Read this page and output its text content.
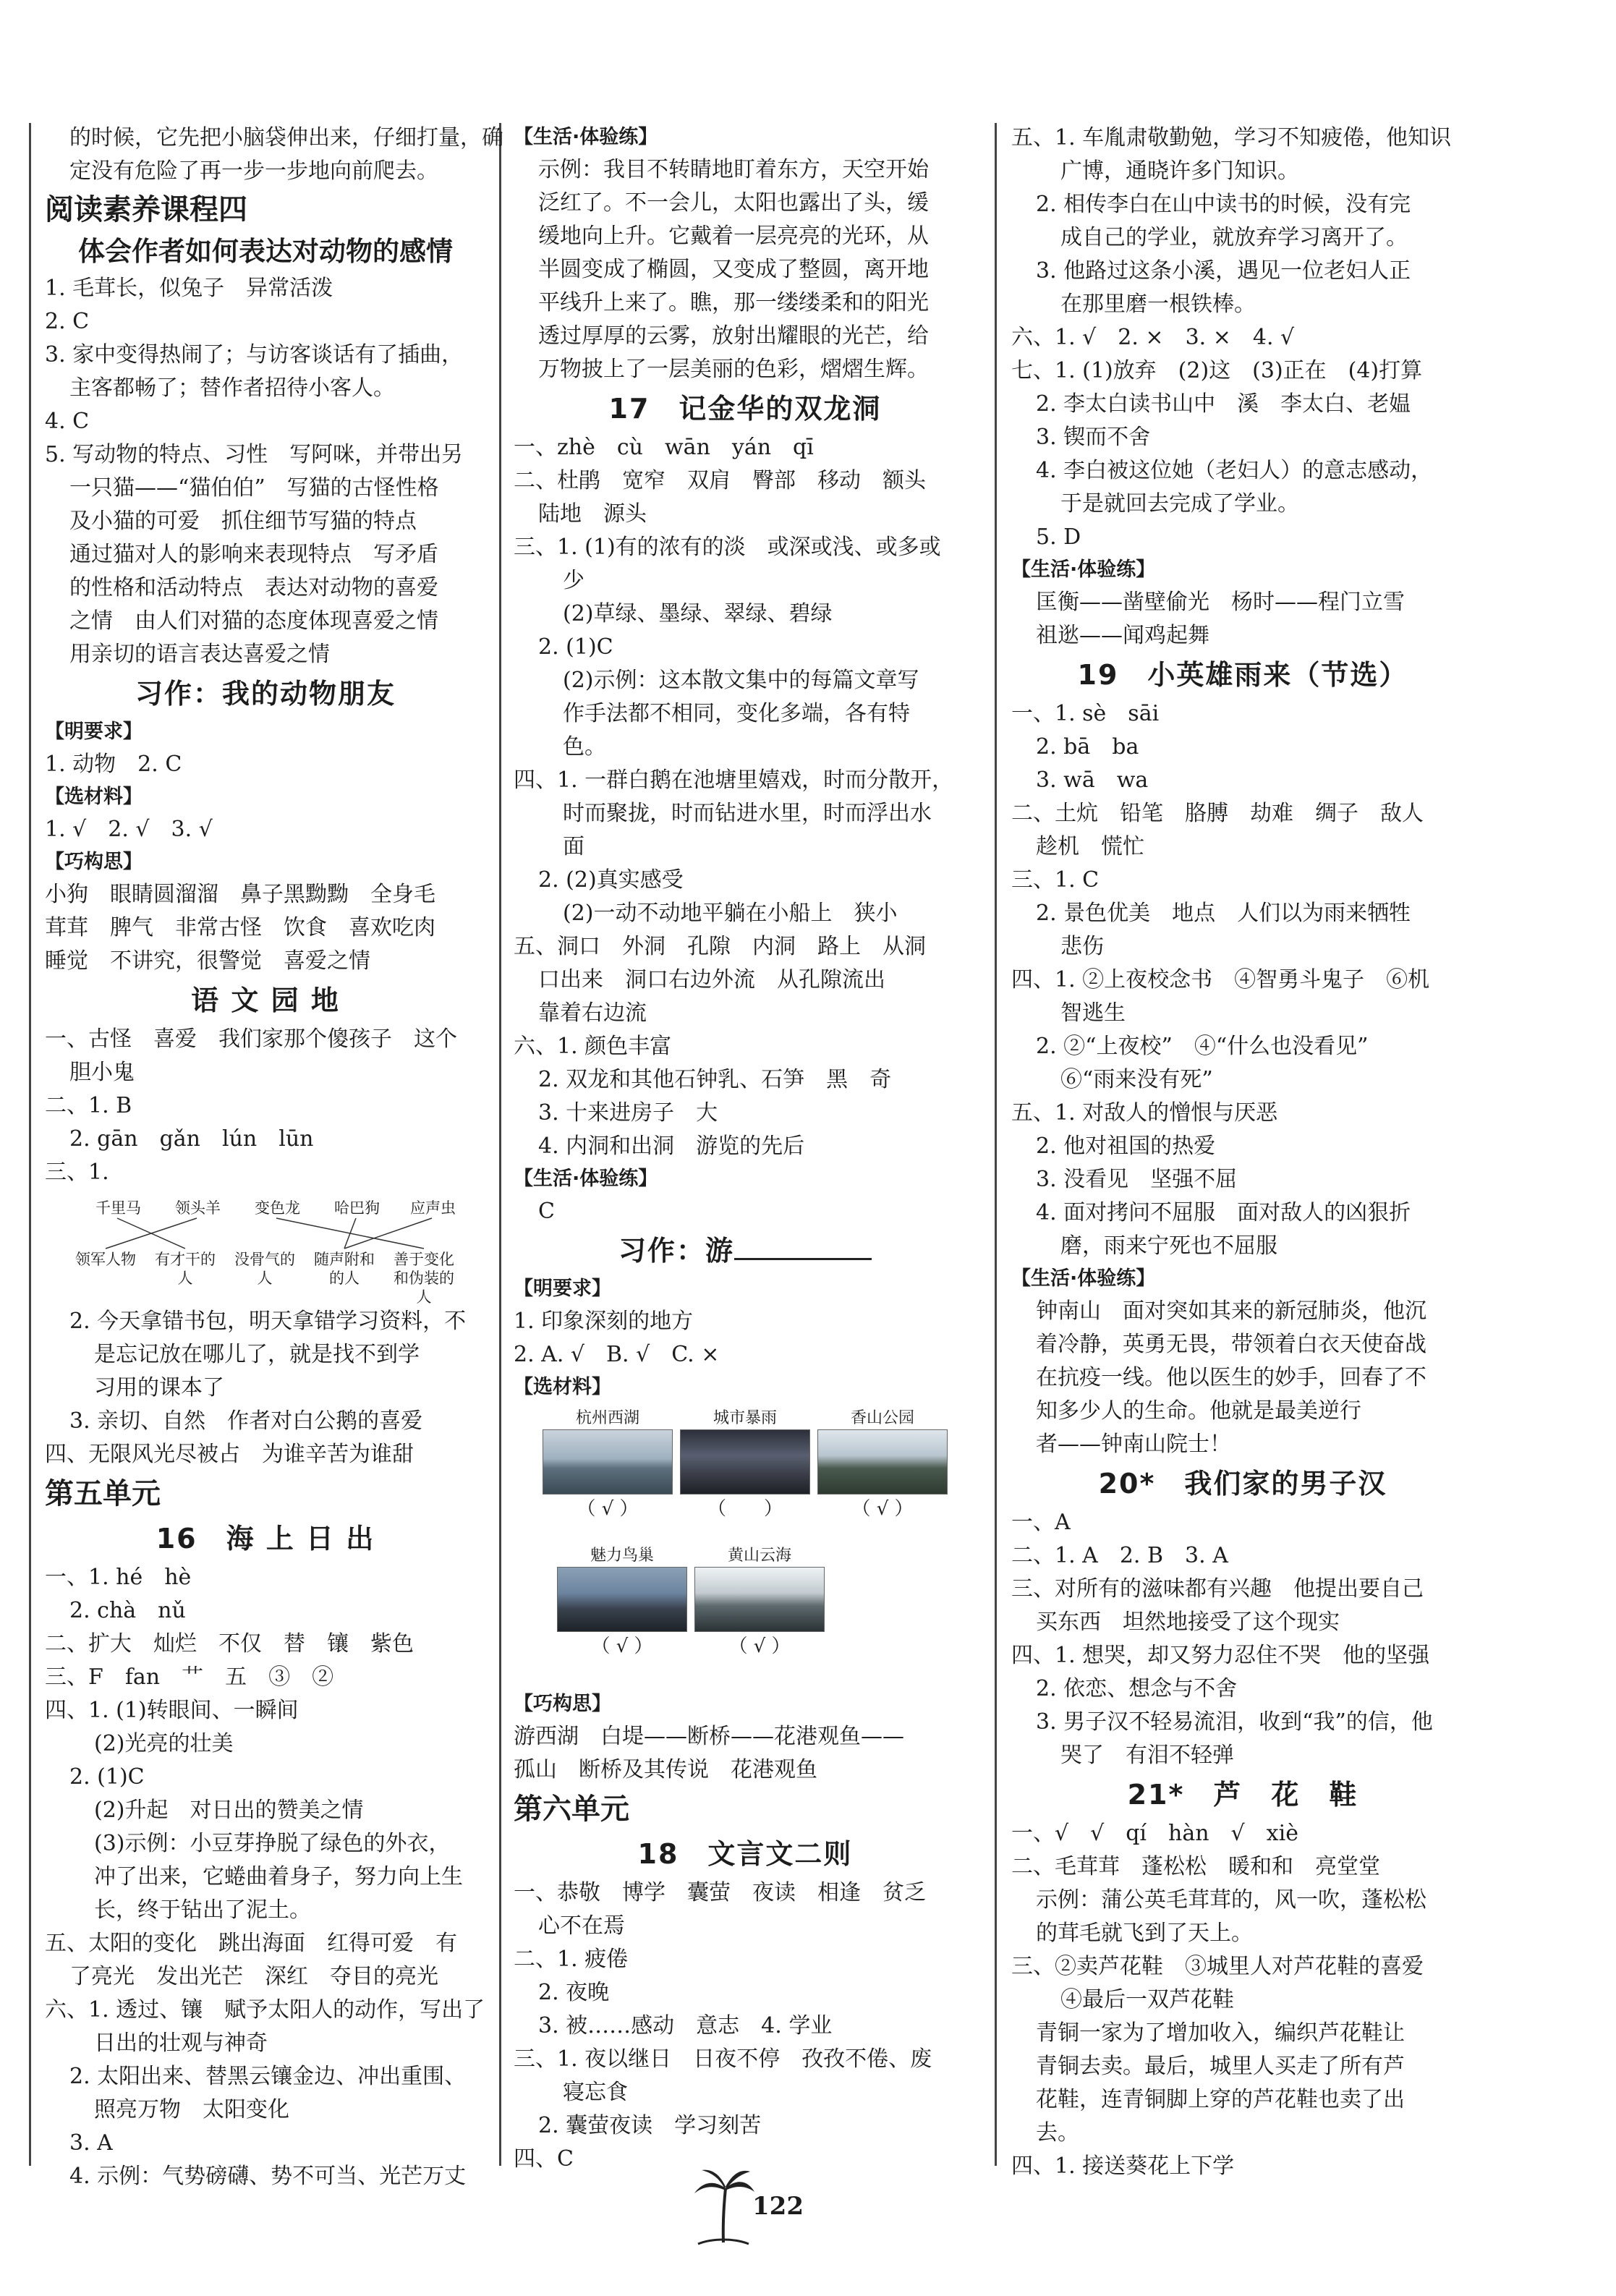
的时候，它先把小脑袋伸出来，仔细打量，确
定没有危险了再一步一步地向前爬去。
阅读素养课程四
体会作者如何表达对动物的感情
1. 毛茸长，似兔子　异常活泼
2. C
3. 家中变得热闹了；与访客谈话有了插曲，
主客都畅了；替作者招待小客人。
4. C
5. 写动物的特点、习性　写阿咪，并带出另
一只猫——“猫伯伯”　写猫的古怪性格
及小猫的可爱　抓住细节写猫的特点
通过猫对人的影响来表现特点　写矛盾
的性格和活动特点　表达对动物的喜爱
之情　由人们对猫的态度体现喜爱之情
用亲切的语言表达喜爱之情
习作：我的动物朋友
【明要求】
1. 动物　2. C
【选材料】
1. √　2. √　3. √
【巧构思】
小狗　眼睛圆溜溜　鼻子黑黝黝　全身毛
茸茸　脾气　非常古怪　饮食　喜欢吃肉
睡觉　不讲究，很警觉　喜爱之情
语 文 园 地
一、古怪　喜爱　我们家那个傻孩子　这个
胆小鬼
二、1. B
2. gān　gǎn　lún　lūn
三、1.
千里马 领头羊 变色龙 哈巴狗 应声虫
领军人物 有才干的人
没骨气的人
随声附和的人
善于变化和伪装的人
2. 今天拿错书包，明天拿错学习资料，不
是忘记放在哪儿了，就是找不到学
习用的课本了
3. 亲切、自然　作者对白公鹅的喜爱
四、无限风光尽被占　为谁辛苦为谁甜
第五单元
16　海 上 日 出
一、1. hé　hè
2. chà　nǔ
二、扩大　灿烂　不仅　替　镶　紫色
三、F　fan　艹　五　③　②
四、1. (1)转眼间、一瞬间
(2)光亮的壮美
2. (1)C
(2)升起　对日出的赞美之情
(3)示例：小豆芽挣脱了绿色的外衣，
冲了出来，它蜷曲着身子，努力向上生
长，终于钻出了泥土。
五、太阳的变化　跳出海面　红得可爱　有
了亮光　发出光芒　深红　夺目的亮光
六、1. 透过、镶　赋予太阳人的动作，写出了
日出的壮观与神奇
2. 太阳出来、替黑云镶金边、冲出重围、
照亮万物　太阳变化
3. A
4. 示例：气势磅礴、势不可当、光芒万丈
【生活·体验练】
示例：我目不转睛地盯着东方，天空开始
泛红了。不一会儿，太阳也露出了头，缓
缓地向上升。它戴着一层亮亮的光环，从
半圆变成了椭圆，又变成了整圆，离开地
平线升上来了。瞧，那一缕缕柔和的阳光
透过厚厚的云雾，放射出耀眼的光芒，给
万物披上了一层美丽的色彩，熠熠生辉。
17　记金华的双龙洞
一、zhè　cù　wān　yán　qī
二、杜鹃　宽窄　双肩　臀部　移动　额头
陆地　源头
三、1. (1)有的浓有的淡　或深或浅、或多或
少
(2)草绿、墨绿、翠绿、碧绿
2. (1)C
(2)示例：这本散文集中的每篇文章写
作手法都不相同，变化多端，各有特
色。
四、1. 一群白鹅在池塘里嬉戏，时而分散开，
时而聚拢，时而钻进水里，时而浮出水
面
2. (2)真实感受
(2)一动不动地平躺在小船上　狭小
五、洞口　外洞　孔隙　内洞　路上　从洞
口出来　洞口右边外流　从孔隙流出
靠着右边流
六、1. 颜色丰富
2. 双龙和其他石钟乳、石笋　黑　奇
3. 十来进房子　大
4. 内洞和出洞　游览的先后
【生活·体验练】
C
习作：游
【明要求】
1. 印象深刻的地方
2. A. √　B. √　C. ×
【选材料】
杭州西湖
（ √ ）
城市暴雨
（　　）
香山公园
（ √ ）
魅力鸟巢
（ √ ）
黄山云海
（ √ ）
【巧构思】
游西湖　白堤——断桥——花港观鱼——
孤山　断桥及其传说　花港观鱼
第六单元
18　文言文二则
一、恭敬　博学　囊萤　夜读　相逢　贫乏
心不在焉
二、1. 疲倦
2. 夜晚
3. 被……感动　意志　4. 学业
三、1. 夜以继日　日夜不停　孜孜不倦、废
寝忘食
2. 囊萤夜读　学习刻苦
四、C
五、1. 车胤肃敬勤勉，学习不知疲倦，他知识
广博，通晓许多门知识。
2. 相传李白在山中读书的时候，没有完
成自己的学业，就放弃学习离开了。
3. 他路过这条小溪，遇见一位老妇人正
在那里磨一根铁棒。
六、1. √　2. ×　3. ×　4. √
七、1. (1)放弃　(2)这　(3)正在　(4)打算
2. 李太白读书山中　溪　李太白、老媪
3. 锲而不舍
4. 李白被这位她（老妇人）的意志感动，
于是就回去完成了学业。
5. D
【生活·体验练】
匡衡——凿壁偷光　杨时——程门立雪
祖逖——闻鸡起舞
19　小英雄雨来（节选）
一、1. sè　sāi
2. bā　ba
3. wā　wa
二、土炕　铅笔　胳膊　劫难　绸子　敌人
趁机　慌忙
三、1. C
2. 景色优美　地点　人们以为雨来牺牲
悲伤
四、1. ②上夜校念书　④智勇斗鬼子　⑥机
智逃生
2. ②“上夜校”　④“什么也没看见”
⑥“雨来没有死”
五、1. 对敌人的憎恨与厌恶
2. 他对祖国的热爱
3. 没看见　坚强不屈
4. 面对拷问不屈服　面对敌人的凶狠折
磨，雨来宁死也不屈服
【生活·体验练】
钟南山　面对突如其来的新冠肺炎，他沉
着冷静，英勇无畏，带领着白衣天使奋战
在抗疫一线。他以医生的妙手，回春了不
知多少人的生命。他就是最美逆行
者——钟南山院士！
20*　我们家的男子汉
一、A
二、1. A　2. B　3. A
三、对所有的滋味都有兴趣　他提出要自己
买东西　坦然地接受了这个现实
四、1. 想哭，却又努力忍住不哭　他的坚强
2. 依恋、想念与不舍
3. 男子汉不轻易流泪，收到“我”的信，他
哭了　有泪不轻弹
21*　芦　花　鞋
一、√　√　qí　hàn　√　xiè
二、毛茸茸　蓬松松　暖和和　亮堂堂
示例：蒲公英毛茸茸的，风一吹，蓬松松
的茸毛就飞到了天上。
三、②卖芦花鞋　③城里人对芦花鞋的喜爱
④最后一双芦花鞋
青铜一家为了增加收入，编织芦花鞋让
青铜去卖。最后，城里人买走了所有芦
花鞋，连青铜脚上穿的芦花鞋也卖了出
去。
四、1. 接送葵花上下学
122
